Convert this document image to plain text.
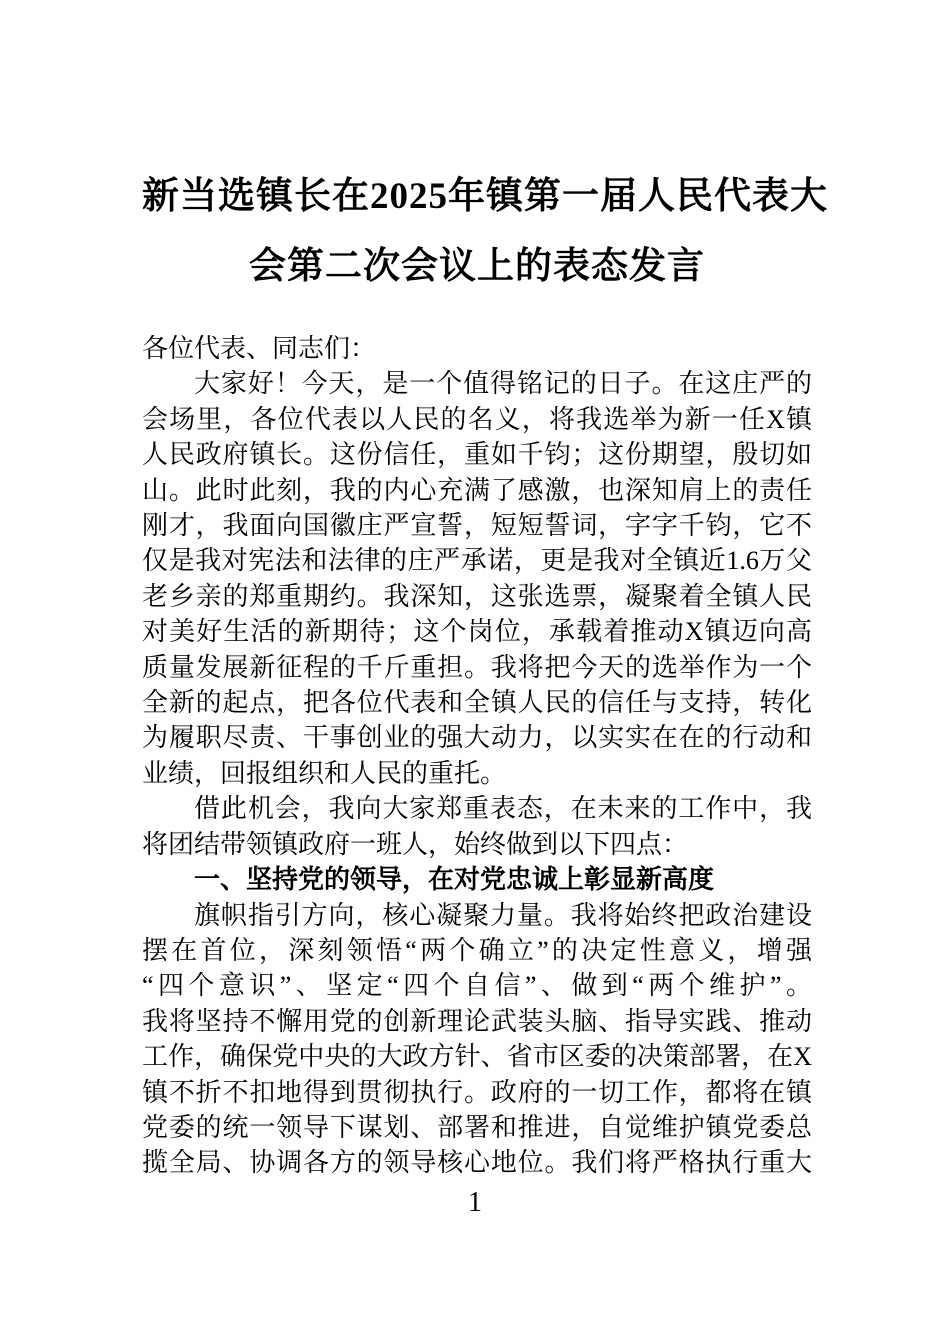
新当选镇长在2025年镇第一届人民代表大
会第二次会议上的表态发言
各位代表、同志们：
大家好！今天，是一个值得铭记的日子。在这庄严的
会场里，各位代表以人民的名义，将我选举为新一任X镇
人民政府镇长。这份信任，重如千钧；这份期望，殷切如
山。此时此刻，我的内心充满了感激，也深知肩上的责任
刚才，我面向国徽庄严宣誓，短短誓词，字字千钧，它不
仅是我对宪法和法律的庄严承诺，更是我对全镇近1.6万父
老乡亲的郑重期约。我深知，这张选票，凝聚着全镇人民
对美好生活的新期待；这个岗位，承载着推动X镇迈向高
质量发展新征程的千斤重担。我将把今天的选举作为一个
全新的起点，把各位代表和全镇人民的信任与支持，转化
为履职尽责、干事创业的强大动力，以实实在在的行动和
业绩，回报组织和人民的重托。
借此机会，我向大家郑重表态，在未来的工作中，我
将团结带领镇政府一班人，始终做到以下四点：
一、坚持党的领导，在对党忠诚上彰显新高度
旗帜指引方向，核心凝聚力量。我将始终把政治建设
摆在首位，深刻领悟“两个确立”的决定性意义，增强
“四个意识”、坚定“四个自信”、做到“两个维护”。
我将坚持不懈用党的创新理论武装头脑、指导实践、推动
工作，确保党中央的大政方针、省市区委的决策部署，在X
镇不折不扣地得到贯彻执行。政府的一切工作，都将在镇
党委的统一领导下谋划、部署和推进，自觉维护镇党委总
揽全局、协调各方的领导核心地位。我们将严格执行重大
1
